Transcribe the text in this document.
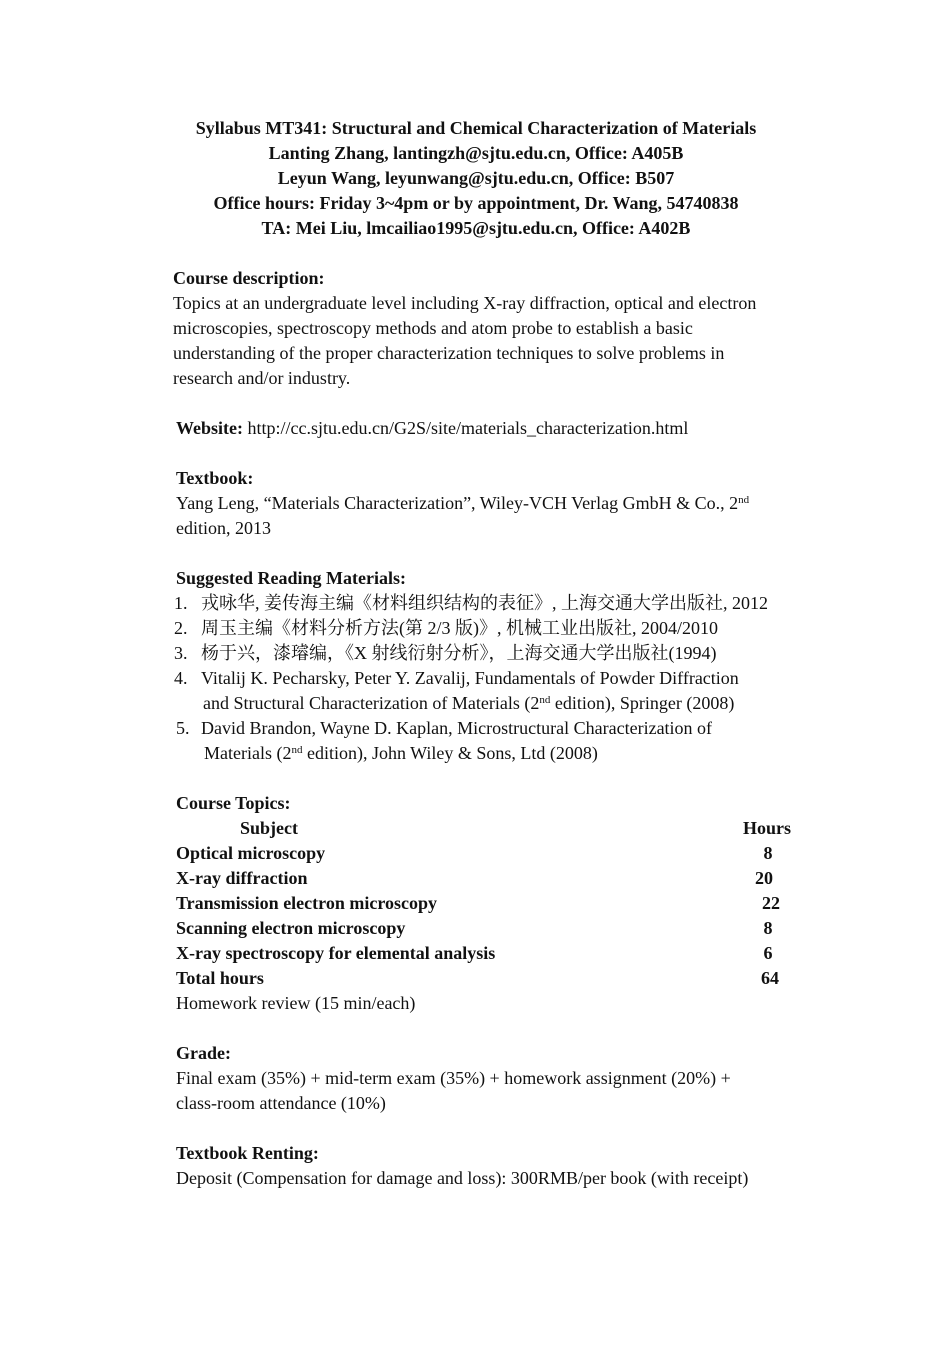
Syllabus MT341: Structural and Chemical Characterization of Materials
Lanting Zhang, lantingzh@sjtu.edu.cn, Office: A405B
Leyun Wang, leyunwang@sjtu.edu.cn, Office: B507
Office hours: Friday 3~4pm or by appointment, Dr. Wang, 54740838
TA: Mei Liu, lmcailiao1995@sjtu.edu.cn, Office: A402B
Course description:
Topics at an undergraduate level including X-ray diffraction, optical and electron
microscopies, spectroscopy methods and atom probe to establish a basic
understanding of the proper characterization techniques to solve problems in
research and/or industry.
Website: http://cc.sjtu.edu.cn/G2S/site/materials_characterization.html
Textbook:
Yang Leng, “Materials Characterization”, Wiley-VCH Verlag GmbH & Co., 2nd
edition, 2013
Suggested Reading Materials:
1. 戎咏华, 姜传海主编《材料组织结构的表征》, 上海交通大学出版社, 2012
2. 周玉主编《材料分析方法(第 2/3 版)》, 机械工业出版社, 2004/2010
3. 杨于兴，漆璿编，《X 射线衍射分析》，上海交通大学出版社(1994)
4. Vitalij K. Pecharsky, Peter Y. Zavalij, Fundamentals of Powder Diffraction
and Structural Characterization of Materials (2nd edition), Springer (2008)
5. David Brandon, Wayne D. Kaplan, Microstructural Characterization of
Materials (2nd edition), John Wiley & Sons, Ltd (2008)
Course Topics:
Subject	Hours
Optical microscopy	8
X-ray diffraction	20
Transmission electron microscopy	22
Scanning electron microscopy	8
X-ray spectroscopy for elemental analysis	6
Total hours	64
Homework review (15 min/each)
Grade:
Final exam (35%) + mid-term exam (35%) + homework assignment (20%) +
class-room attendance (10%)
Textbook Renting:
Deposit (Compensation for damage and loss): 300RMB/per book (with receipt)
